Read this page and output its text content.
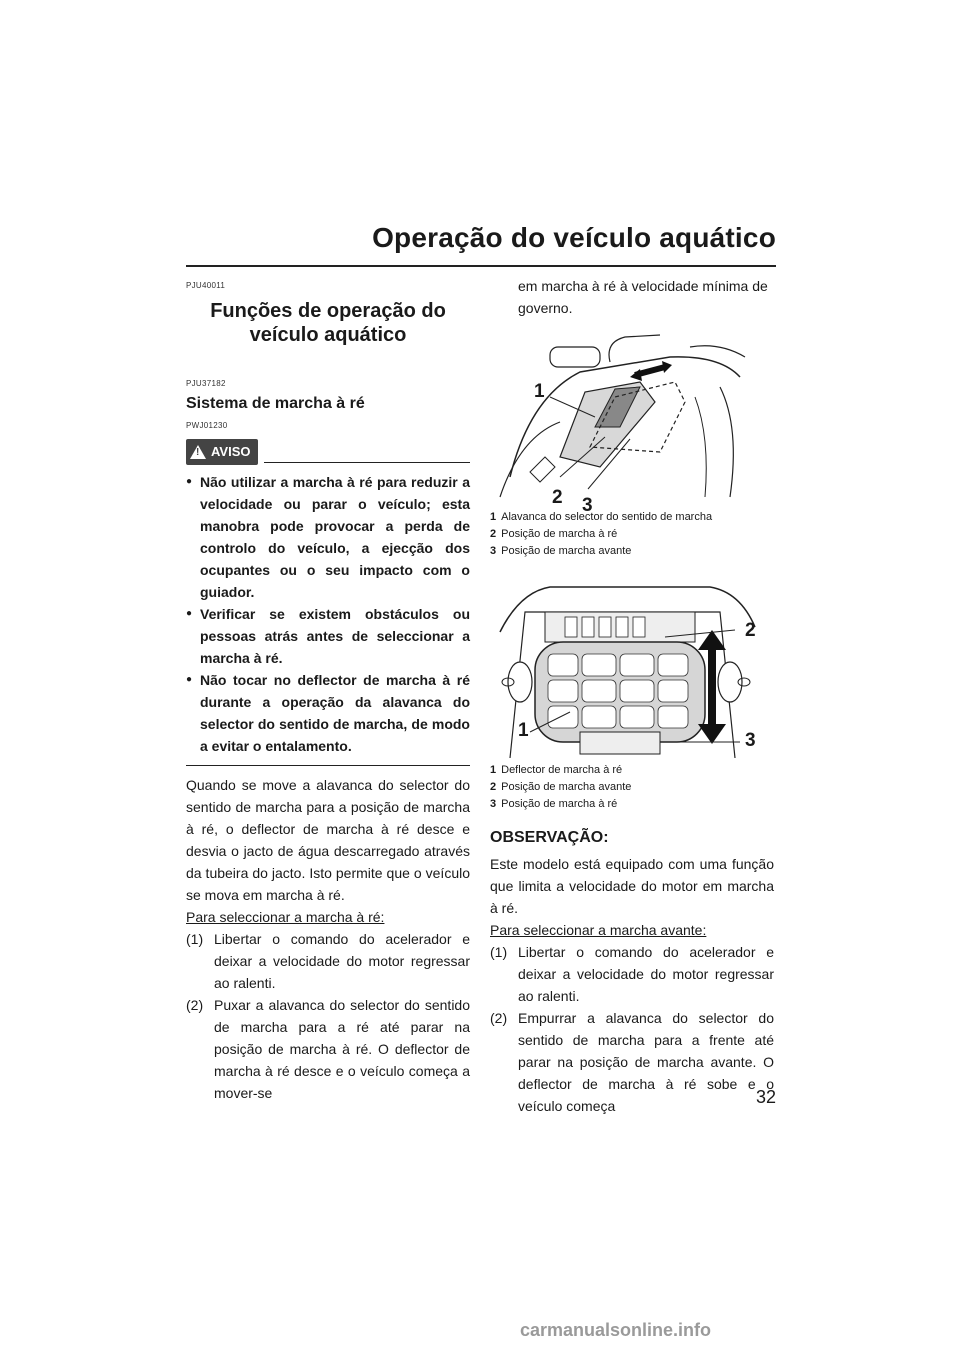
Operação do veículo aquático
PJU40011
Funções de operação do
veículo aquático
PJU37182
Sistema de marcha à ré
PWJ01230
! AVISO
● Não utilizar a marcha à ré para reduzir a velocidade ou parar o veículo; esta manobra pode provocar a perda de controlo do veículo, a ejecção dos ocupantes ou o seu impacto com o guiador.
● Verificar se existem obstáculos ou pessoas atrás antes de seleccionar a marcha à ré.
● Não tocar no deflector de marcha à ré durante a operação da alavanca do selector do sentido de marcha, de modo a evitar o entalamento.

Quando se move a alavanca do selector do sentido de marcha para a posição de marcha à ré, o deflector de marcha à ré desce e desvia o jacto de água descarregado através da tubeira do jacto. Isto permite que o veículo se mova em marcha à ré.

Para seleccionar a marcha à ré:

(1) Libertar o comando do acelerador e deixar a velocidade do motor regressar ao ralenti.
(2) Puxar a alavanca do selector do sentido de marcha para a ré até parar na posição de marcha à ré. O deflector de marcha à ré desce e o veículo começa a mover-se

em marcha à ré à velocidade mínima de governo.

1
2 3
1 Alavanca do selector do sentido de marcha
2 Posição de marcha à ré
3 Posição de marcha avante
2
1	3
1 Deflector de marcha à ré
2 Posição de marcha avante
3 Posição de marcha à ré
OBSERVAÇÃO:

Este modelo está equipado com uma função que limita a velocidade do motor em marcha à ré.

Para seleccionar a marcha avante:

(1) Libertar o comando do acelerador e deixar a velocidade do motor regressar ao ralenti.
(2) Empurrar a alavanca do selector do sentido de marcha para a frente até parar na posição de marcha avante. O deflector de marcha à ré sobe e o veículo começa	32
carmanualsonline.info
